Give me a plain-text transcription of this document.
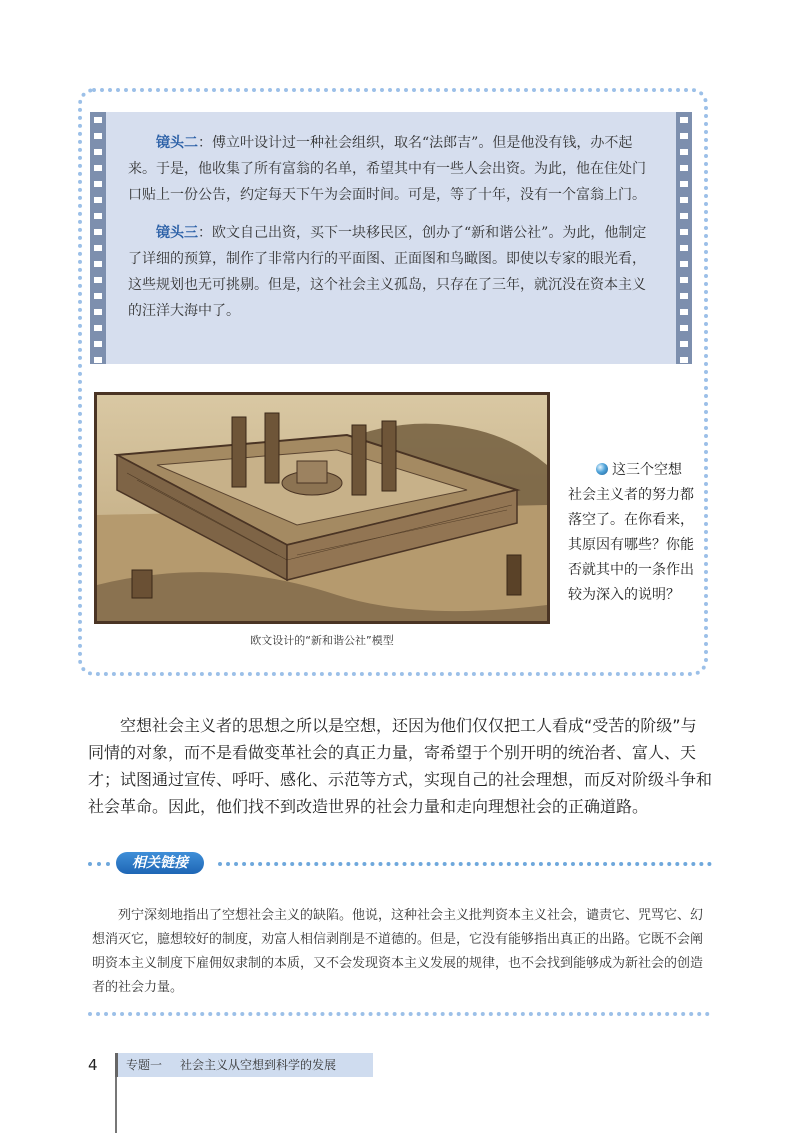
镜头二：傅立叶设计过一种社会组织，取名“法郎吉”。但是他没有钱，办不起来。于是，他收集了所有富翁的名单，希望其中有一些人会出资。为此，他在住处门口贴上一份公告，约定每天下午为会面时间。可是，等了十年，没有一个富翁上门。

镜头三：欧文自己出资，买下一块移民区，创办了“新和谐公社”。为此，他制定了详细的预算，制作了非常内行的平面图、正面图和鸟瞰图。即使以专家的眼光看，这些规划也无可挑剔。但是，这个社会主义孤岛，只存在了三年，就沉没在资本主义的汪洋大海中了。

欧文设计的“新和谐公社”模型
这三个空想社会主义者的努力都落空了。在你看来，其原因有哪些？你能否就其中的一条作出较为深入的说明？

空想社会主义者的思想之所以是空想，还因为他们仅仅把工人看成“受苦的阶级”与同情的对象，而不是看做变革社会的真正力量，寄希望于个别开明的统治者、富人、天才；试图通过宣传、呼吁、感化、示范等方式，实现自己的社会理想，而反对阶级斗争和社会革命。因此，他们找不到改造世界的社会力量和走向理想社会的正确道路。

相关链接

列宁深刻地指出了空想社会主义的缺陷。他说，这种社会主义批判资本主义社会，谴责它、咒骂它、幻想消灭它，臆想较好的制度，劝富人相信剥削是不道德的。但是，它没有能够指出真正的出路。它既不会阐明资本主义制度下雇佣奴隶制的本质，又不会发现资本主义发展的规律，也不会找到能够成为新社会的创造者的社会力量。

4	专题一 社会主义从空想到科学的发展
